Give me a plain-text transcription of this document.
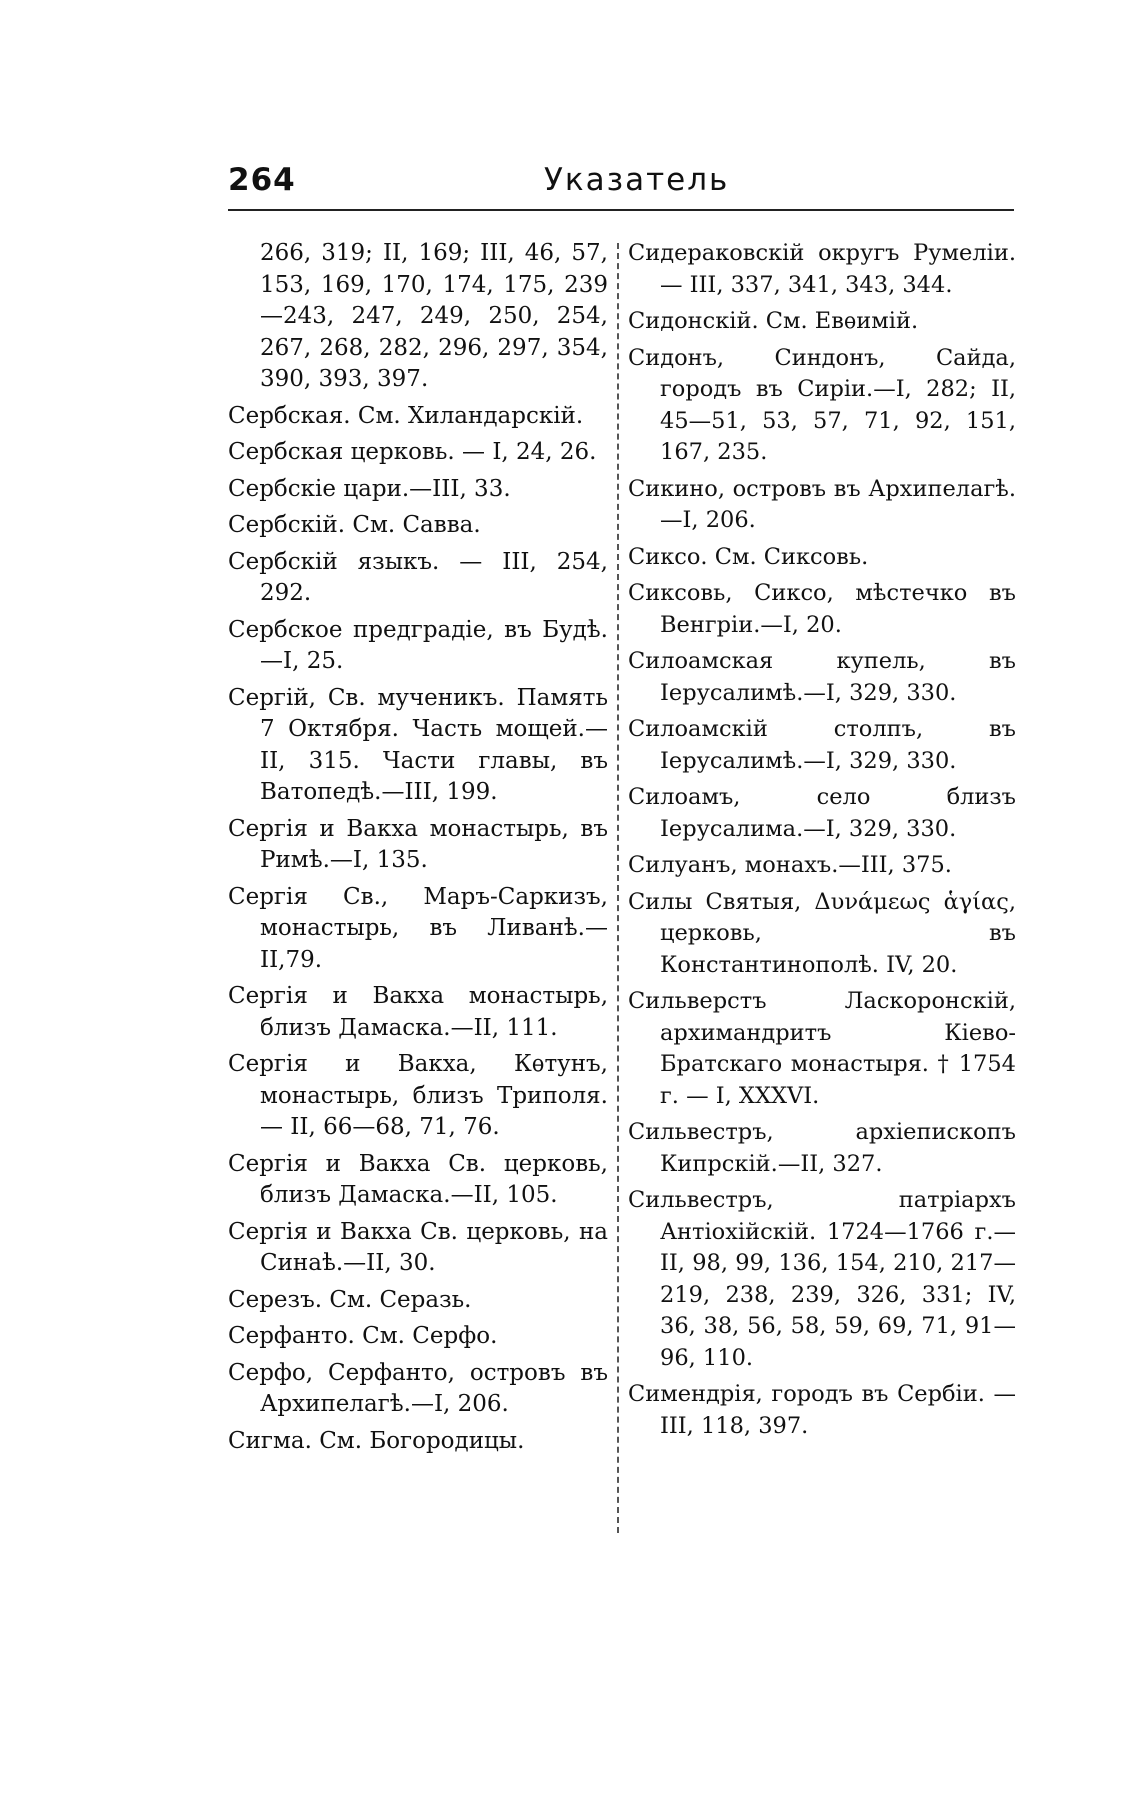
264	Указатель

266, 319; II, 169; III, 46, 57, 153, 169, 170, 174, 175, 239—243, 247, 249, 250, 254, 267, 268, 282, 296, 297, 354, 390, 393, 397.

Сербская. См. Хиландарскій.

Сербская церковь. — I, 24, 26.

Сербскіе цари.—III, 33.

Сербскій. См. Савва.

Сербскій языкъ. — III, 254, 292.

Сербское предградіе, въ Будѣ. —I, 25.

Сергій, Св. мученикъ. Память 7 Октября. Часть мощей.— II, 315. Части главы, въ Ватопедѣ.—III, 199.

Сергія и Вакха монастырь, въ Римѣ.—I, 135.

Сергія Св., Маръ-Саркизъ, монастырь, въ Ливанѣ.—II,79.

Сергія и Вакха монастырь, близъ Дамаска.—II, 111.

Сергія и Вакха, Кѳтунъ, монастырь, близъ Триполя.— II, 66—68, 71, 76.

Сергія и Вакха Св. церковь, близъ Дамаска.—II, 105.

Сергія и Вакха Св. церковь, на Синаѣ.—II, 30.

Серезъ. См. Серазь.

Серфанто. См. Серфо.

Серфо, Серфанто, островъ въ Архипелагѣ.—I, 206.

Сигма. См. Богородицы.

Сидераковскій округъ Румеліи. — III, 337, 341, 343, 344.

Сидонскій. См. Евѳимій.

Сидонъ, Синдонъ, Сайда, городъ въ Сиріи.—I, 282; II, 45—51, 53, 57, 71, 92, 151, 167, 235.

Сикино, островъ въ Архипелагѣ.—I, 206.

Сиксо. См. Сиксовь.

Сиксовь, Сиксо, мѣстечко въ Венгріи.—I, 20.

Силоамская купель, въ Іерусалимѣ.—I, 329, 330.

Силоамскій столпъ, въ Іерусалимѣ.—I, 329, 330.

Силоамъ, село близъ Іерусалима.—I, 329, 330.

Силуанъ, монахъ.—III, 375.

Силы Святыя, Δυνάμεως ἁγίας, церковь, въ Константинополѣ. IV, 20.

Сильверстъ Ласкоронскій, архимандритъ Кіево-Братскаго монастыря. † 1754 г. — I, XXXVI.

Сильвестръ, архіепископъ Кипрскій.—II, 327.

Сильвестръ, патріархъ Антіохійскій. 1724—1766 г.— II, 98, 99, 136, 154, 210, 217—219, 238, 239, 326, 331; IV, 36, 38, 56, 58, 59, 69, 71, 91—96, 110.

Симендрія, городъ въ Сербіи. —III, 118, 397.
